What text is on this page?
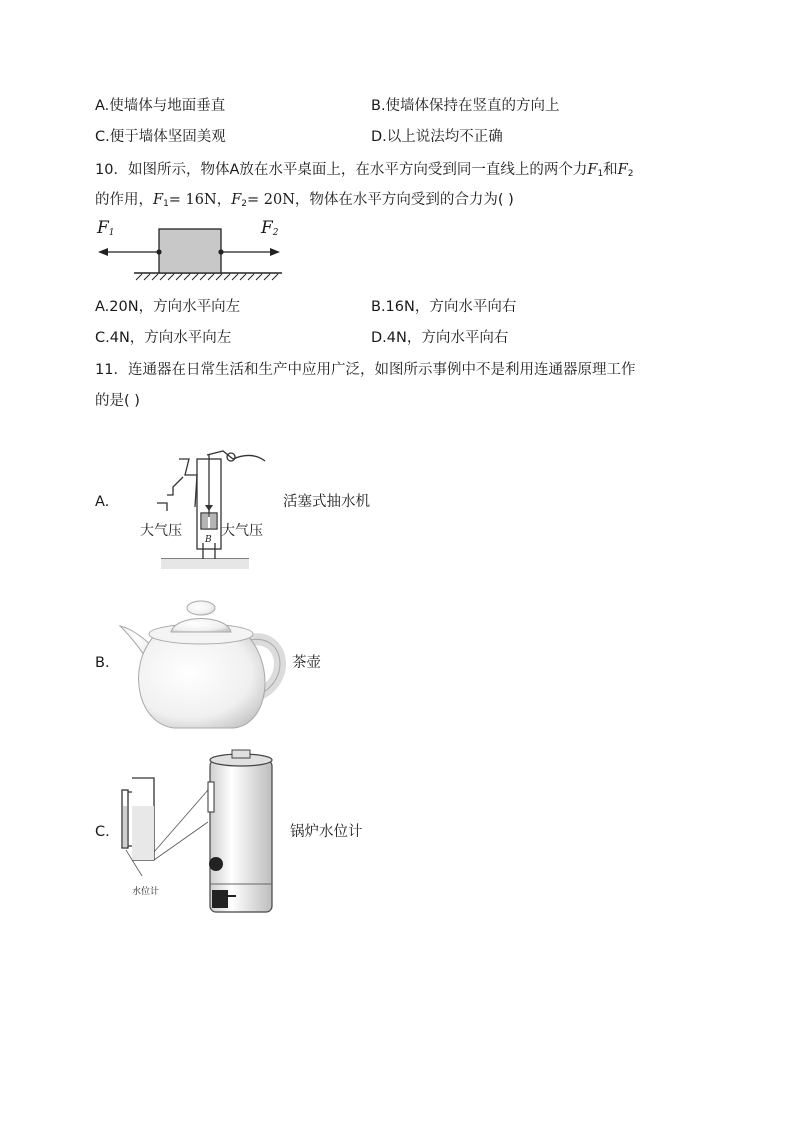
A.使墙体与地面垂直	B.使墙体保持在竖直的方向上
C.便于墙体坚固美观	D.以上说法均不正确
10．如图所示，物体A放在水平桌面上，在水平方向受到同一直线上的两个力$F_1$和$F_2$
的作用，$F_1= 16N$，$F_2= 20N$，物体在水平方向受到的合力为( )
$F_1$	$F_2$
A.20N，方向水平向左	B.16N，方向水平向右
C.4N，方向水平向左	D.4N，方向水平向右
11．连通器在日常生活和生产中应用广泛，如图所示事例中不是利用连通器原理工作
的是( )
A.
大气压	大气压
B
活塞式抽水机
B.	茶壶
C.
水位计
锅炉水位计
